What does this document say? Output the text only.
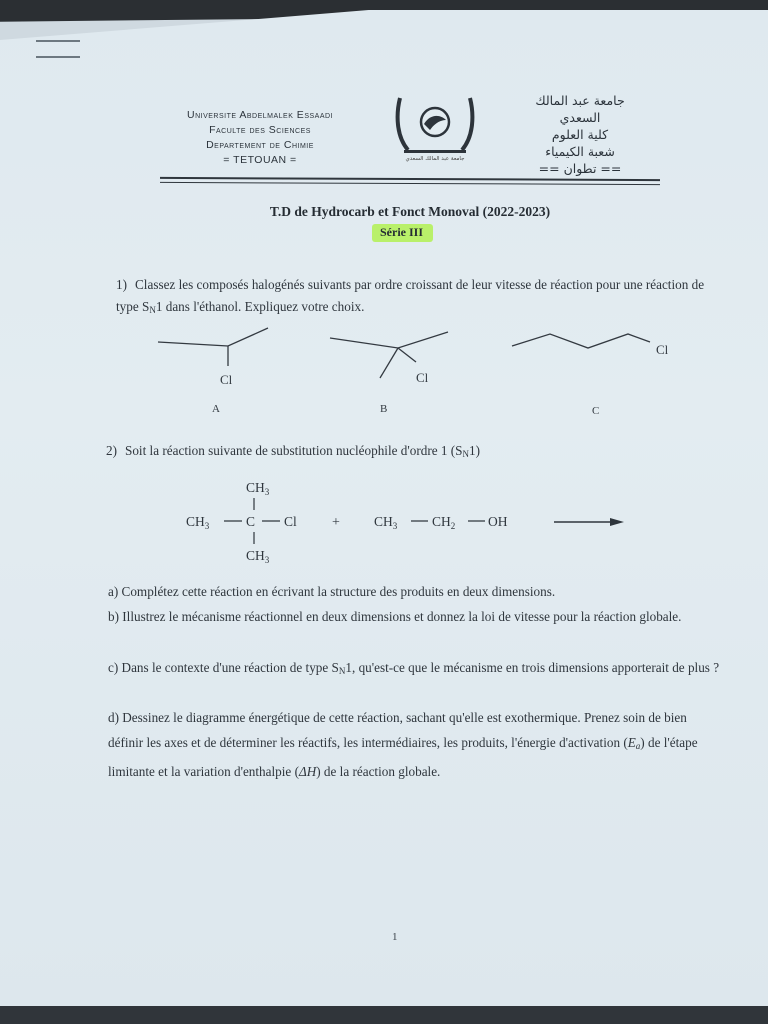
Universite Abdelmalek Essaadi
Faculte des Sciences
Departement de Chimie
= TETOUAN =	جامعة عبد المالك السعدي
جامعة عبد المالك
السعدي
كلية العلوم
شعبة الكيمياء
== تطوان ==
T.D de Hydrocarb et Fonct Monoval (2022-2023)
Série III
1) Classez les composés halogénés suivants par ordre croissant de leur vitesse de réaction pour une réaction de type $S_N1$ dans l'éthanol. Expliquez votre choix.
Cl
A
Cl
B
Cl
C
2) Soit la réaction suivante de substitution nucléophile d'ordre 1 $(S_N1)$
$CH_3$
$CH_3$	C Cl
$CH_3$
+	$CH_3$	$CH_2$ OH
a) Complétez cette réaction en écrivant la structure des produits en deux dimensions.
b) Illustrez le mécanisme réactionnel en deux dimensions et donnez la loi de vitesse pour la réaction globale.
c) Dans le contexte d'une réaction de type $S_N1$, qu'est-ce que le mécanisme en trois dimensions apporterait de plus ?
d) Dessinez le diagramme énergétique de cette réaction, sachant qu'elle est exothermique. Prenez soin de bien définir les axes et de déterminer les réactifs, les intermédiaires, les produits, l'énergie d'activation $(E_a)$ de l'étape limitante et la variation d'enthalpie (ΔH) de la réaction globale.
1
